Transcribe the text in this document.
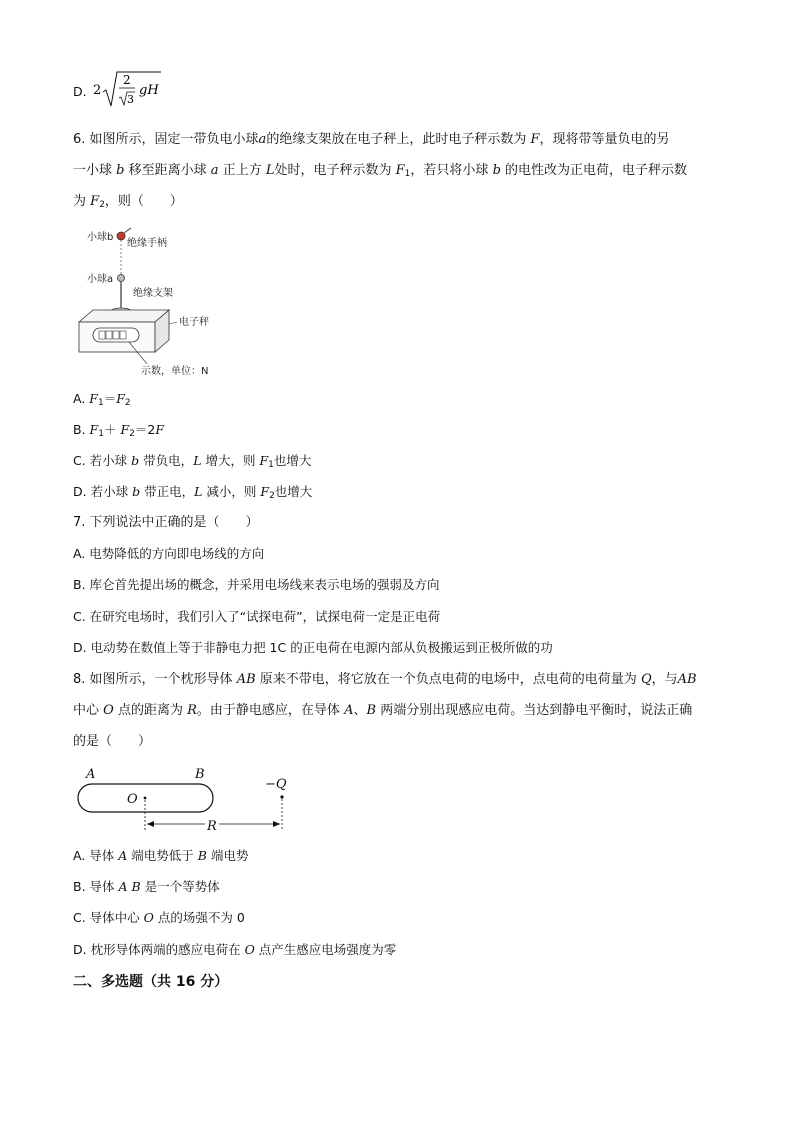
D. 2
2
3
gH
6. 如图所示，固定一带负电小球a的绝缘支架放在电子秤上，此时电子秤示数为 F，现将带等量负电的另
一小球 b 移至距离小球 a 正上方 L处时，电子秤示数为 $F_1$，若只将小球 b 的电性改为正电荷，电子秤示数
为 $F_2$，则（　　）
小球b
绝缘手柄
小球a
绝缘支架
电子秤
示数，单位：N
A. $F_1=F_2$
B. $F_1+ F_2=2F$
C. 若小球 b 带负电，L 增大，则 $F_1$也增大
D. 若小球 b 带正电，L 减小，则 $F_2$也增大
7. 下列说法中正确的是（　　）
A. 电势降低的方向即电场线的方向
B. 库仑首先提出场的概念，并采用电场线来表示电场的强弱及方向
C. 在研究电场时，我们引入了“试探电荷”，试探电荷一定是正电荷
D. 电动势在数值上等于非静电力把 1C 的正电荷在电源内部从负极搬运到正极所做的功
8. 如图所示，一个枕形导体 AB 原来不带电，将它放在一个负点电荷的电场中，点电荷的电荷量为 Q，与AB
中心 O 点的距离为 R。由于静电感应，在导体 A、B 两端分别出现感应电荷。当达到静电平衡时，说法正确
的是（　　）
A	B
O
−Q
R
A. 导体 A 端电势低于 B 端电势
B. 导体 A B 是一个等势体
C. 导体中心 O 点的场强不为 0
D. 枕形导体两端的感应电荷在 O 点产生感应电场强度为零
二、多选题（共 16 分）
